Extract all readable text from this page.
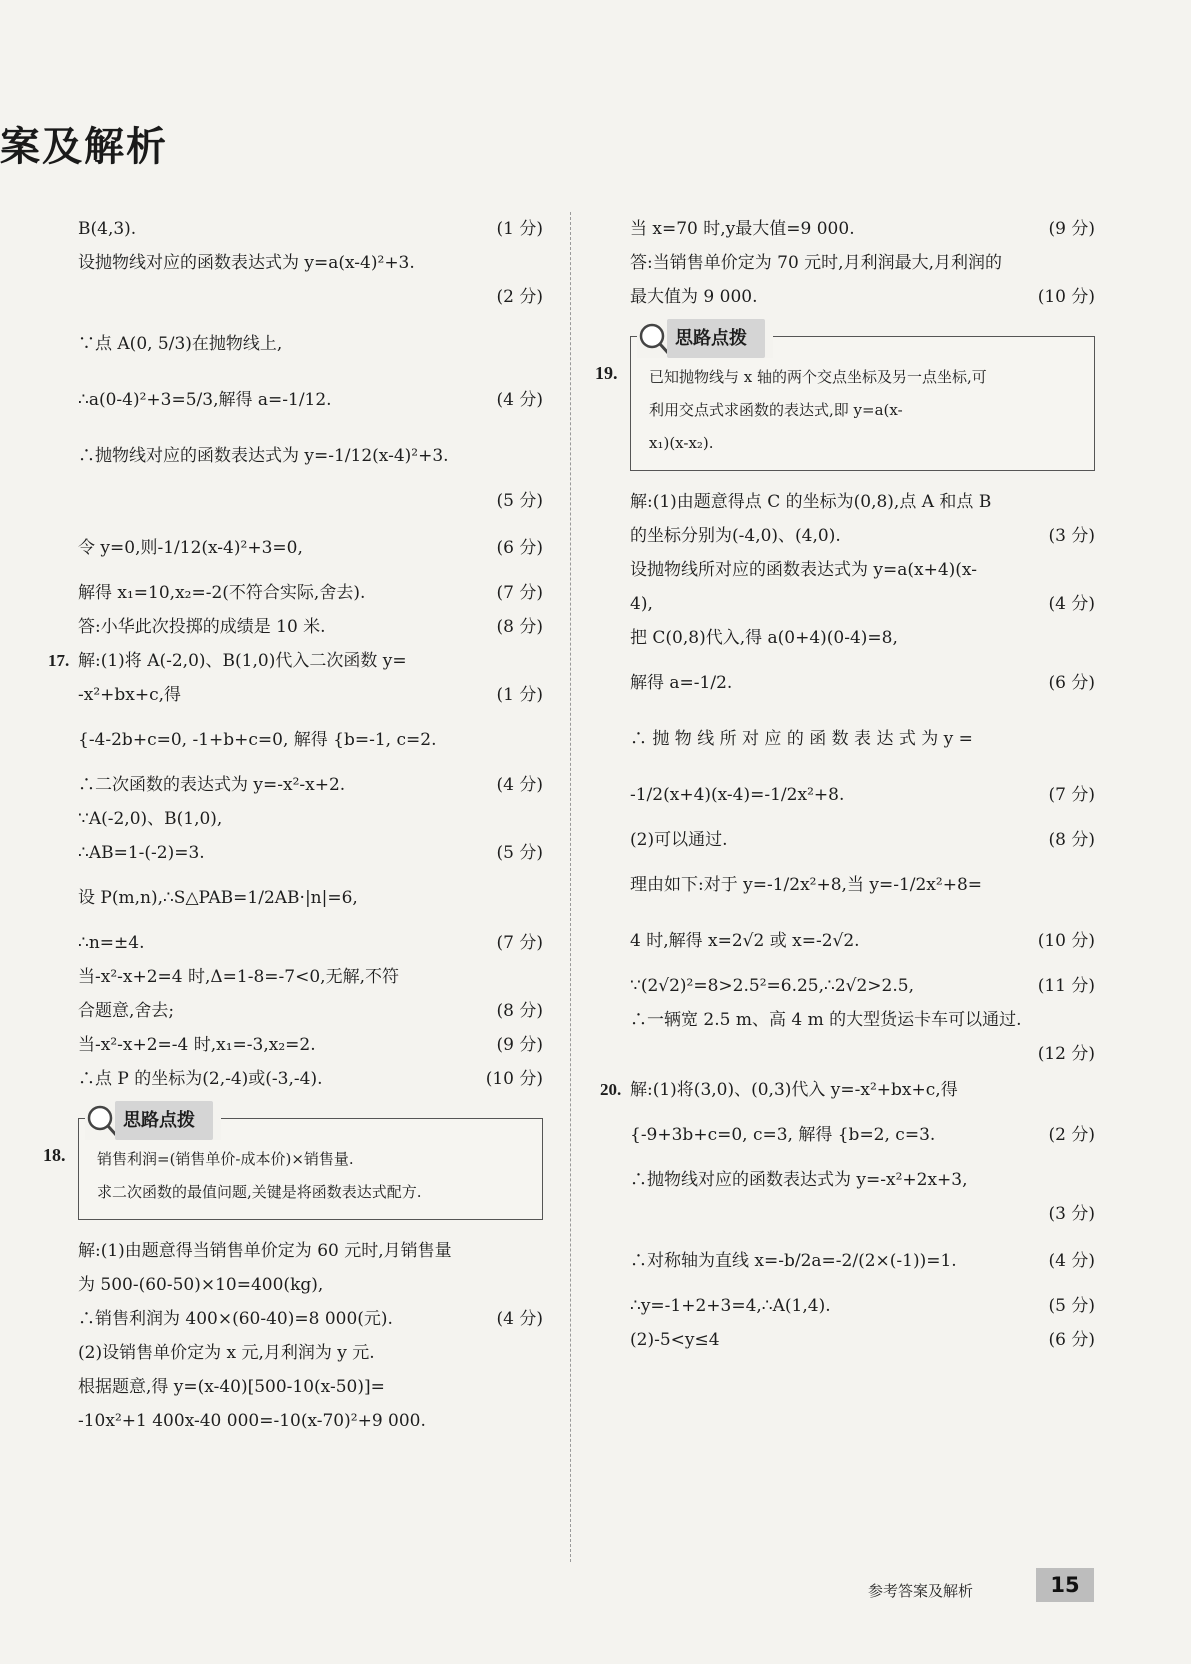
案及解析
B(4,3).	(1 分)
设抛物线对应的函数表达式为 y=a(x-4)²+3.
(2 分)
∵点 A(0, 5/3)在抛物线上,
∴a(0-4)²+3=5/3,解得 a=-1/12.	(4 分)
∴抛物线对应的函数表达式为 y=-1/12(x-4)²+3.
(5 分)
令 y=0,则-1/12(x-4)²+3=0,	(6 分)
解得 x₁=10,x₂=-2(不符合实际,舍去).	(7 分)
答:小华此次投掷的成绩是 10 米.	(8 分)
17. 解:(1)将 A(-2,0)、B(1,0)代入二次函数 y=
-x²+bx+c,得	(1 分)
{-4-2b+c=0, -1+b+c=0, 解得 {b=-1, c=2.
∴二次函数的表达式为 y=-x²-x+2.	(4 分)
∵A(-2,0)、B(1,0),
∴AB=1-(-2)=3.	(5 分)
设 P(m,n),∴S△PAB=1/2AB·|n|=6,
∴n=±4.	(7 分)
当-x²-x+2=4 时,Δ=1-8=-7<0,无解,不符
合题意,舍去;	(8 分)
当-x²-x+2=-4 时,x₁=-3,x₂=2.	(9 分)
∴点 P 的坐标为(2,-4)或(-3,-4).	(10 分)
18.
思路点拨
销售利润=(销售单价-成本价)×销售量.
求二次函数的最值问题,关键是将函数表达式配方.
解:(1)由题意得当销售单价定为 60 元时,月销售量
为 500-(60-50)×10=400(kg),
∴销售利润为 400×(60-40)=8 000(元).	(4 分)
(2)设销售单价定为 x 元,月利润为 y 元.
根据题意,得 y=(x-40)[500-10(x-50)]=
-10x²+1 400x-40 000=-10(x-70)²+9 000.
当 x=70 时,y最大值=9 000.	(9 分)
答:当销售单价定为 70 元时,月利润最大,月利润的
最大值为 9 000.	(10 分)
19.
思路点拨
已知抛物线与 x 轴的两个交点坐标及另一点坐标,可
利用交点式求函数的表达式,即 y=a(x-
x₁)(x-x₂).
解:(1)由题意得点 C 的坐标为(0,8),点 A 和点 B
的坐标分别为(-4,0)、(4,0).	(3 分)
设抛物线所对应的函数表达式为 y=a(x+4)(x-
4),	(4 分)
把 C(0,8)代入,得 a(0+4)(0-4)=8,
解得 a=-1/2.	(6 分)
∴ 抛 物 线 所 对 应 的 函 数 表 达 式 为 y =
-1/2(x+4)(x-4)=-1/2x²+8.	(7 分)
(2)可以通过.	(8 分)
理由如下:对于 y=-1/2x²+8,当 y=-1/2x²+8=
4 时,解得 x=2√2 或 x=-2√2.	(10 分)
∵(2√2)²=8>2.5²=6.25,∴2√2>2.5,	(11 分)
∴一辆宽 2.5 m、高 4 m 的大型货运卡车可以通过.
(12 分)
20. 解:(1)将(3,0)、(0,3)代入 y=-x²+bx+c,得
{-9+3b+c=0, c=3, 解得 {b=2, c=3.	(2 分)
∴抛物线对应的函数表达式为 y=-x²+2x+3,
(3 分)
∴对称轴为直线 x=-b/2a=-2/(2×(-1))=1.	(4 分)
∴y=-1+2+3=4,∴A(1,4).	(5 分)
(2)-5<y≤4	(6 分)
参考答案及解析	15
